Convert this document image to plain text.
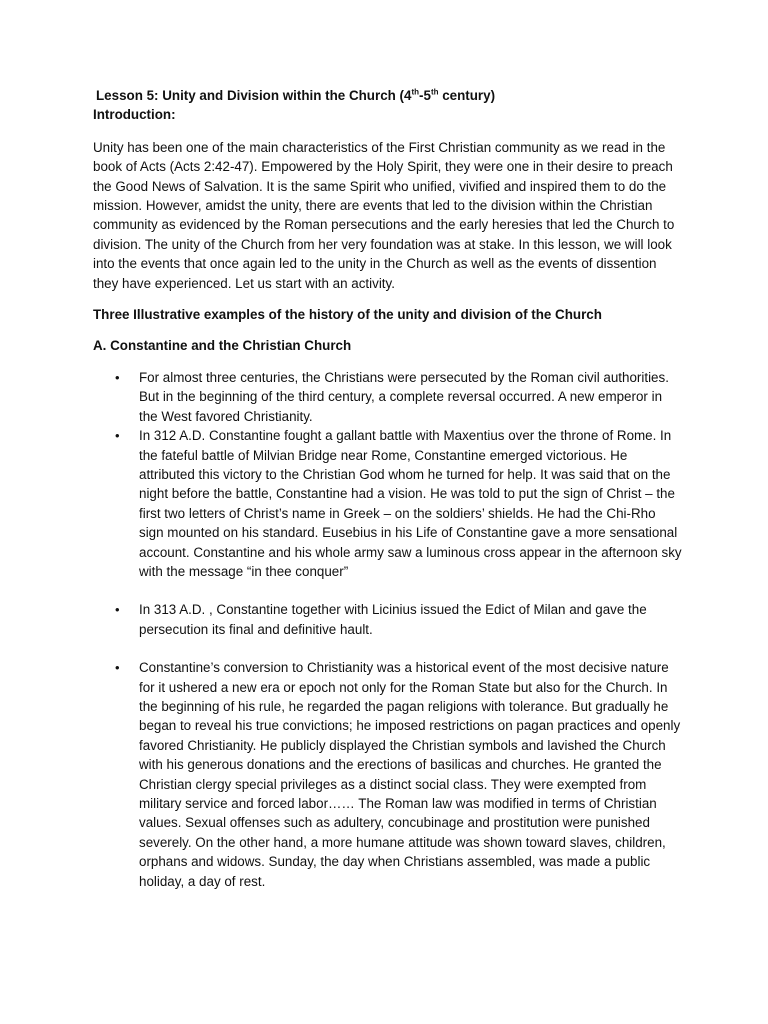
Lesson 5: Unity and Division within the Church (4th-5th century)
Introduction:

Unity has been one of the main characteristics of the First Christian community as we read in the book of Acts (Acts 2:42-47). Empowered by the Holy Spirit, they were one in their desire to preach the Good News of Salvation. It is the same Spirit who unified, vivified and inspired them to do the mission. However, amidst the unity, there are events that led to the division within the Christian community as evidenced by the Roman persecutions and the early heresies that led the Church to division. The unity of the Church from her very foundation was at stake. In this lesson, we will look into the events that once again led to the unity in the Church as well as the events of dissention they have experienced. Let us start with an activity.

Three Illustrative examples of the history of the unity and division of the Church
A. Constantine and the Christian Church
• For almost three centuries, the Christians were persecuted by the Roman civil authorities. But in the beginning of the third century, a complete reversal occurred. A new emperor in the West favored Christianity.
• In 312 A.D. Constantine fought a gallant battle with Maxentius over the throne of Rome. In the fateful battle of Milvian Bridge near Rome, Constantine emerged victorious. He attributed this victory to the Christian God whom he turned for help. It was said that on the night before the battle, Constantine had a vision. He was told to put the sign of Christ – the first two letters of Christ’s name in Greek – on the soldiers’ shields. He had the Chi-Rho sign mounted on his standard. Eusebius in his Life of Constantine gave a more sensational account. Constantine and his whole army saw a luminous cross appear in the afternoon sky with the message “in thee conquer”
• In 313 A.D. , Constantine together with Licinius issued the Edict of Milan and gave the persecution its final and definitive hault.
• Constantine’s conversion to Christianity was a historical event of the most decisive nature for it ushered a new era or epoch not only for the Roman State but also for the Church. In the beginning of his rule, he regarded the pagan religions with tolerance. But gradually he began to reveal his true convictions; he imposed restrictions on pagan practices and openly favored Christianity. He publicly displayed the Christian symbols and lavished the Church with his generous donations and the erections of basilicas and churches. He granted the Christian clergy special privileges as a distinct social class. They were exempted from military service and forced labor…… The Roman law was modified in terms of Christian values. Sexual offenses such as adultery, concubinage and prostitution were punished severely. On the other hand, a more humane attitude was shown toward slaves, children, orphans and widows. Sunday, the day when Christians assembled, was made a public holiday, a day of rest.
